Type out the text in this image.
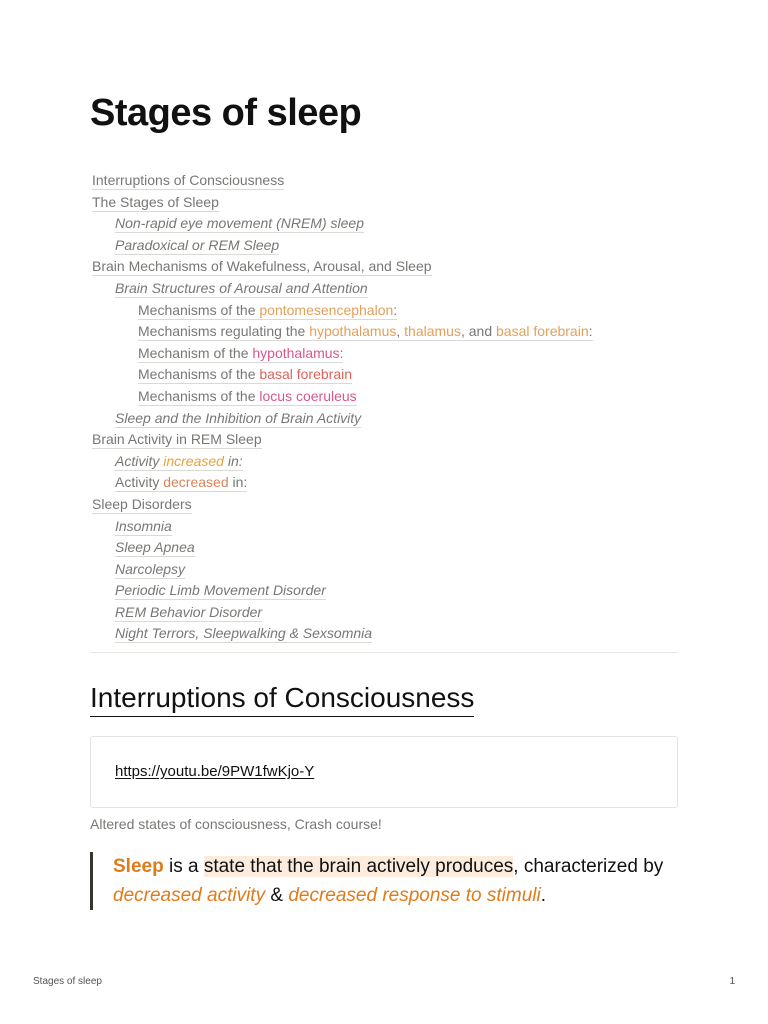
Stages of sleep
Interruptions of Consciousness
The Stages of Sleep
Non-rapid eye movement (NREM) sleep
Paradoxical or REM Sleep
Brain Mechanisms of Wakefulness, Arousal, and Sleep
Brain Structures of Arousal and Attention
Mechanisms of the pontomesencephalon:
Mechanisms regulating the hypothalamus, thalamus, and basal forebrain:
Mechanism of the hypothalamus:
Mechanisms of the basal forebrain
Mechanisms of the locus coeruleus
Sleep and the Inhibition of Brain Activity
Brain Activity in REM Sleep
Activity increased in:
Activity decreased in:
Sleep Disorders
Insomnia
Sleep Apnea
Narcolepsy
Periodic Limb Movement Disorder
REM Behavior Disorder
Night Terrors, Sleepwalking & Sexsomnia
Interruptions of Consciousness
https://youtu.be/9PW1fwKjo-Y
Altered states of consciousness, Crash course!
Sleep is a state that the brain actively produces, characterized by decreased activity & decreased response to stimuli.
Stages of sleep	1
